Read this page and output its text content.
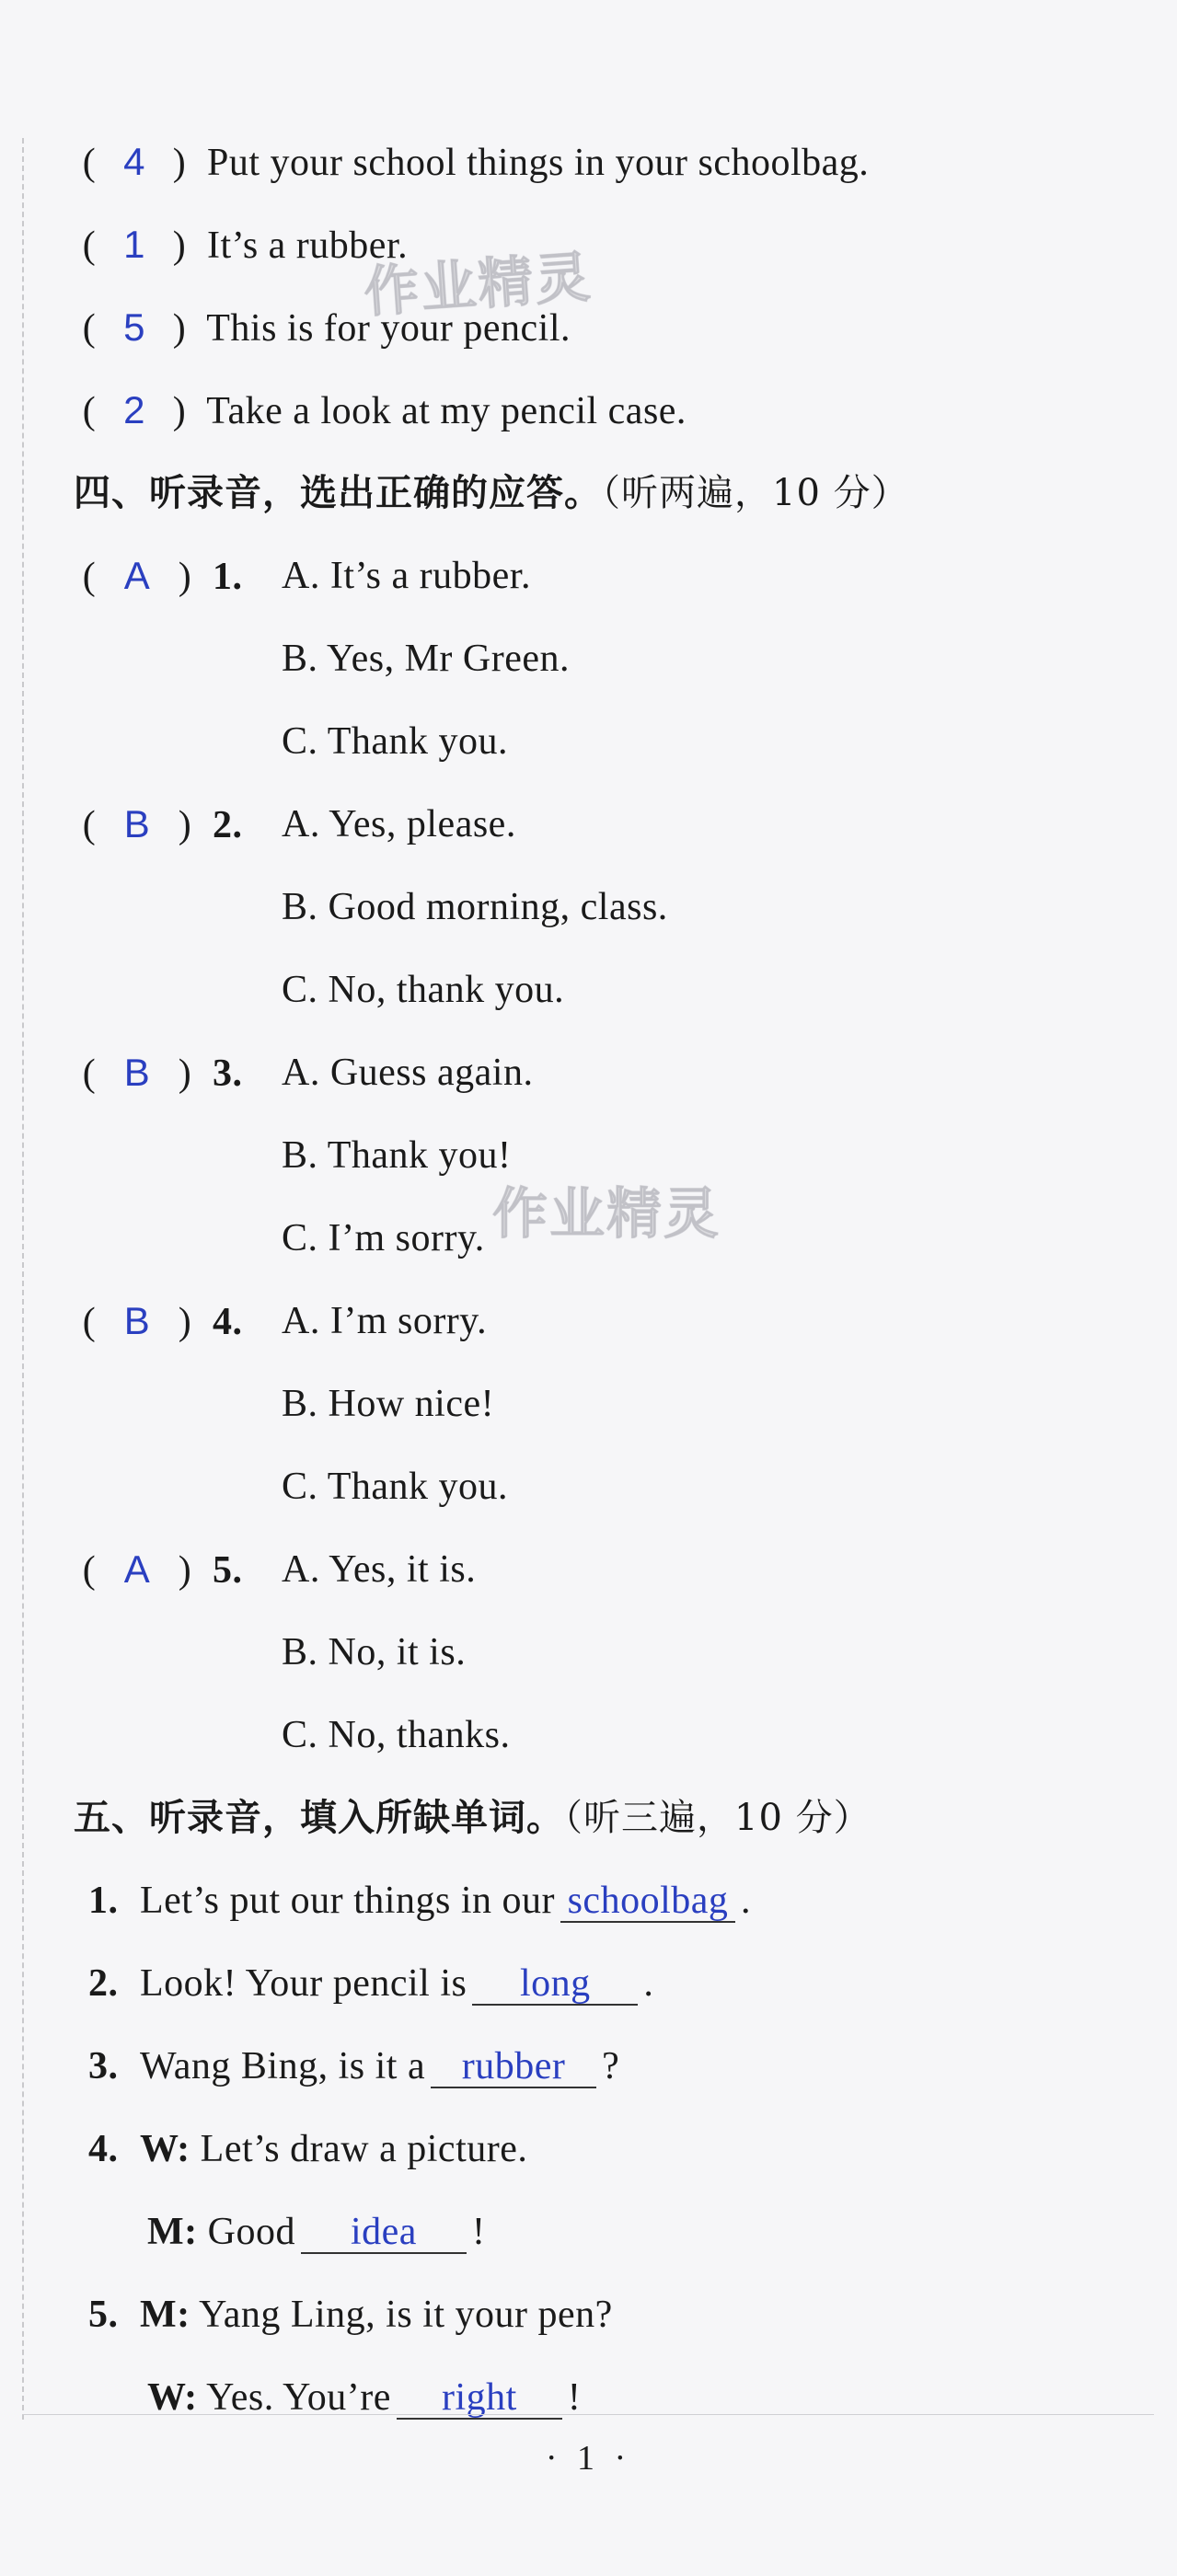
( 4 ) Put your school things in your schoolbag.
( 1 ) It’s a rubber.
( 5 ) This is for your pencil.
( 2 ) Take a look at my pencil case.
四、听录音，选出正确的应答。（听两遍，10 分）
( A ) 1.	A. It’s a rubber.
B. Yes, Mr Green.
C. Thank you.
( B ) 2.	A. Yes, please.
B. Good morning, class.
C. No, thank you.
( B ) 3.	A. Guess again.
B. Thank you!
C. I’m sorry.
( B ) 4.	A. I’m sorry.
B. How nice!
C. Thank you.
( A ) 5.	A. Yes, it is.
B. No, it is.
C. No, thanks.
五、听录音，填入所缺单词。（听三遍，10 分）
1. Let’s put our things in our schoolbag .
2. Look! Your pencil is long .
3. Wang Bing, is it a rubber ?
4. W: Let’s draw a picture.
M: Good idea !
5. M: Yang Ling, is it your pen?
W: Yes. You’re right !
作业精灵
作业精灵
· 1 ·
